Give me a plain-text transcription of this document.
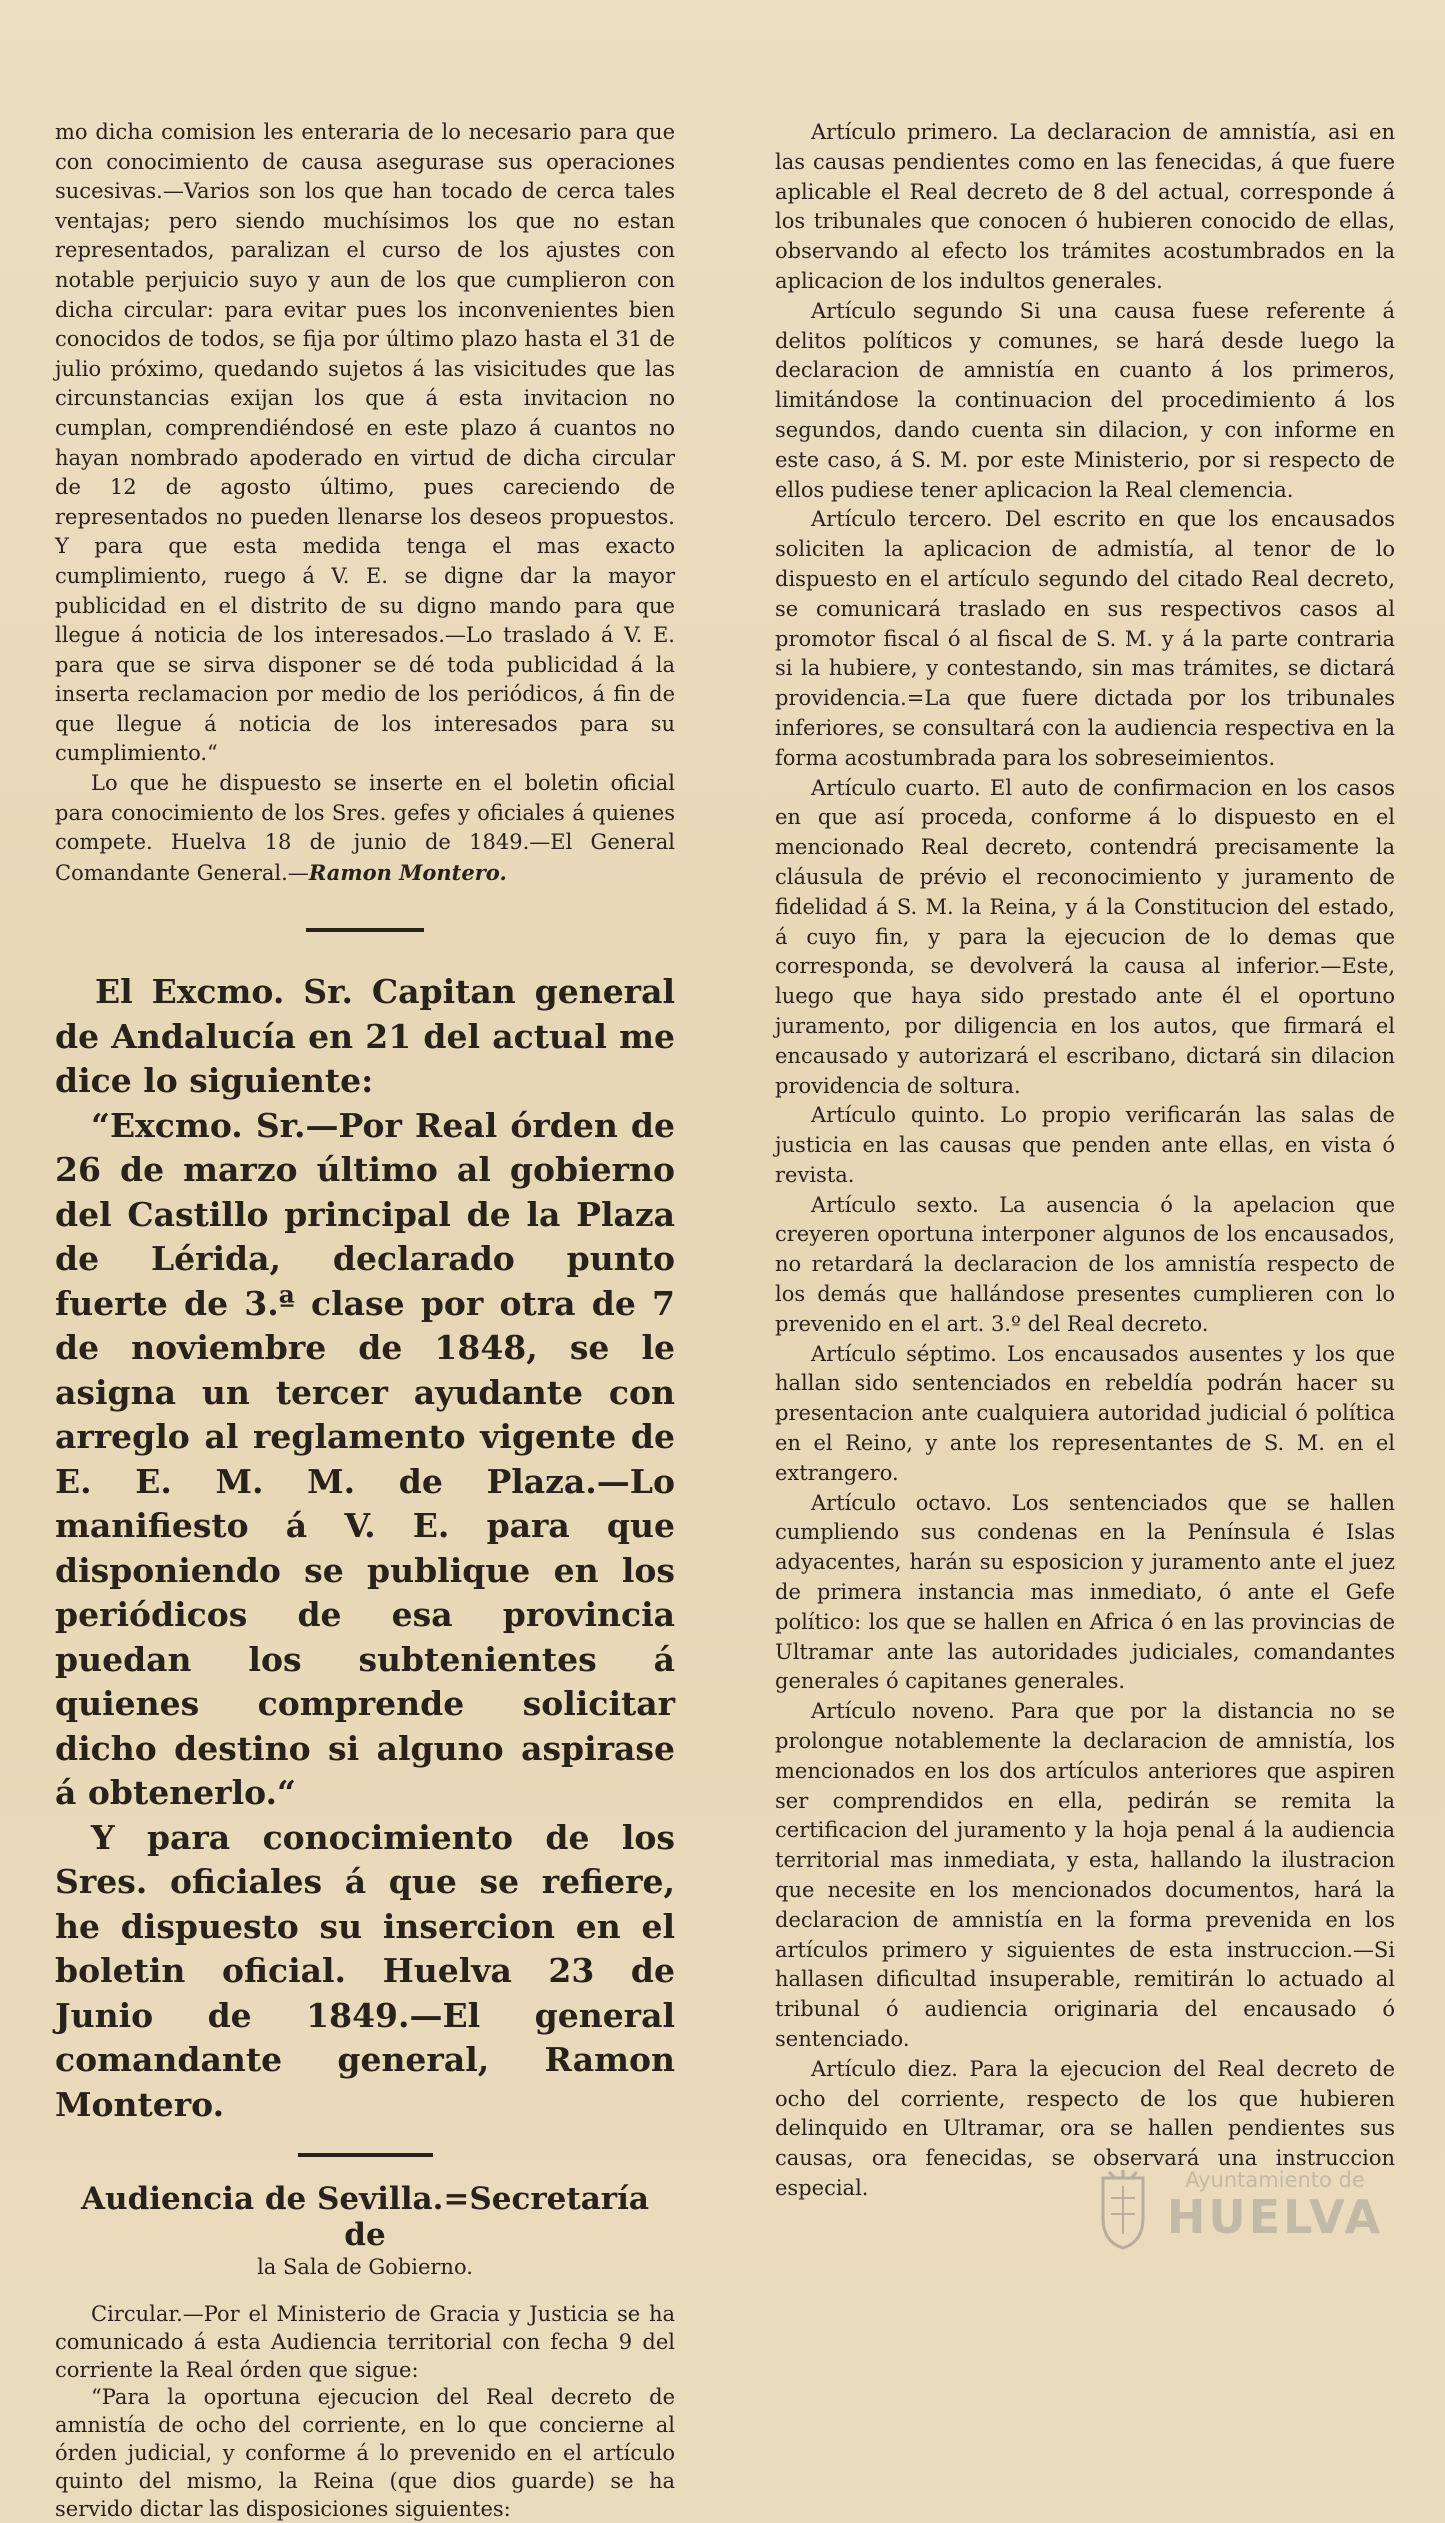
mo dicha comision les enteraria de lo necesario para que con conocimiento de causa asegurase sus operaciones sucesivas.—Varios son los que han tocado de cerca tales ventajas; pero siendo muchísimos los que no estan representados, paralizan el curso de los ajustes con notable perjuicio suyo y aun de los que cumplieron con dicha circular: para evitar pues los inconvenientes bien conocidos de todos, se fija por último plazo hasta el 31 de julio próximo, quedando sujetos á las visicitudes que las circunstancias exijan los que á esta invitacion no cumplan, comprendiéndosé en este plazo á cuantos no hayan nombrado apoderado en virtud de dicha circular de 12 de agosto último, pues careciendo de representados no pueden llenarse los deseos propuestos. Y para que esta medida tenga el mas exacto cumplimiento, ruego á V. E. se digne dar la mayor publicidad en el distrito de su digno mando para que llegue á noticia de los interesados.—Lo traslado á V. E. para que se sirva disponer se dé toda publicidad á la inserta reclamacion por medio de los periódicos, á fin de que llegue á noticia de los interesados para su cumplimiento.“

Lo que he dispuesto se inserte en el boletin oficial para conocimiento de los Sres. gefes y oficiales á quienes compete. Huelva 18 de junio de 1849.—El General Comandante General.—Ramon Montero.

El Excmo. Sr. Capitan general de Andalucía en 21 del actual me dice lo siguiente:

“Excmo. Sr.—Por Real órden de 26 de marzo último al gobierno del Castillo principal de la Plaza de Lérida, declarado punto fuerte de 3.ª clase por otra de 7 de noviembre de 1848, se le asigna un tercer ayudante con arreglo al reglamento vigente de E. E. M. M. de Plaza.—Lo manifiesto á V. E. para que disponiendo se publique en los periódicos de esa provincia puedan los subtenientes á quienes comprende solicitar dicho destino si alguno aspirase á obtenerlo.“

Y para conocimiento de los Sres. oficiales á que se refiere, he dispuesto su insercion en el boletin oficial. Huelva 23 de Junio de 1849.—El general comandante general, Ramon Montero.

Audiencia de Sevilla.=Secretaría de
la Sala de Gobierno.

Circular.—Por el Ministerio de Gracia y Justicia se ha comunicado á esta Audiencia territorial con fecha 9 del corriente la Real órden que sigue:

“Para la oportuna ejecucion del Real decreto de amnistía de ocho del corriente, en lo que concierne al órden judicial, y conforme á lo prevenido en el artículo quinto del mismo, la Reina (que dios guarde) se ha servido dictar las disposiciones siguientes:

Artículo primero. La declaracion de amnistía, asi en las causas pendientes como en las fenecidas, á que fuere aplicable el Real decreto de 8 del actual, corresponde á los tribunales que conocen ó hubieren conocido de ellas, observando al efecto los trámites acostumbrados en la aplicacion de los indultos generales.

Artículo segundo Si una causa fuese referente á delitos políticos y comunes, se hará desde luego la declaracion de amnistía en cuanto á los primeros, limitándose la continuacion del procedimiento á los segundos, dando cuenta sin dilacion, y con informe en este caso, á S. M. por este Ministerio, por si respecto de ellos pudiese tener aplicacion la Real clemencia.

Artículo tercero. Del escrito en que los encausados soliciten la aplicacion de admistía, al tenor de lo dispuesto en el artículo segundo del citado Real decreto, se comunicará traslado en sus respectivos casos al promotor fiscal ó al fiscal de S. M. y á la parte contraria si la hubiere, y contestando, sin mas trámites, se dictará providencia.=La que fuere dictada por los tribunales inferiores, se consultará con la audiencia respectiva en la forma acostumbrada para los sobreseimientos.

Artículo cuarto. El auto de confirmacion en los casos en que así proceda, conforme á lo dispuesto en el mencionado Real decreto, contendrá precisamente la cláusula de prévio el reconocimiento y juramento de fidelidad á S. M. la Reina, y á la Constitucion del estado, á cuyo fin, y para la ejecucion de lo demas que corresponda, se devolverá la causa al inferior.—Este, luego que haya sido prestado ante él el oportuno juramento, por diligencia en los autos, que firmará el encausado y autorizará el escribano, dictará sin dilacion providencia de soltura.

Artículo quinto. Lo propio verificarán las salas de justicia en las causas que penden ante ellas, en vista ó revista.

Artículo sexto. La ausencia ó la apelacion que creyeren oportuna interponer algunos de los encausados, no retardará la declaracion de los amnistía respecto de los demás que hallándose presentes cumplieren con lo prevenido en el art. 3.º del Real decreto.

Artículo séptimo. Los encausados ausentes y los que hallan sido sentenciados en rebeldía podrán hacer su presentacion ante cualquiera autoridad judicial ó política en el Reino, y ante los representantes de S. M. en el extrangero.

Artículo octavo. Los sentenciados que se hallen cumpliendo sus condenas en la Península é Islas adyacentes, harán su esposicion y juramento ante el juez de primera instancia mas inmediato, ó ante el Gefe político: los que se hallen en Africa ó en las provincias de Ultramar ante las autoridades judiciales, comandantes generales ó capitanes generales.

Artículo noveno. Para que por la distancia no se prolongue notablemente la declaracion de amnistía, los mencionados en los dos artículos anteriores que aspiren ser comprendidos en ella, pedirán se remita la certificacion del juramento y la hoja penal á la audiencia territorial mas inmediata, y esta, hallando la ilustracion que necesite en los mencionados documentos, hará la declaracion de amnistía en la forma prevenida en los artículos primero y siguientes de esta instruccion.—Si hallasen dificultad insuperable, remitirán lo actuado al tribunal ó audiencia originaria del encausado ó sentenciado.

Artículo diez. Para la ejecucion del Real decreto de ocho del corriente, respecto de los que hubieren delinquido en Ultramar, ora se hallen pendientes sus causas, ora fenecidas, se observará una instruccion especial.	Ayuntamiento de
HUELVA
